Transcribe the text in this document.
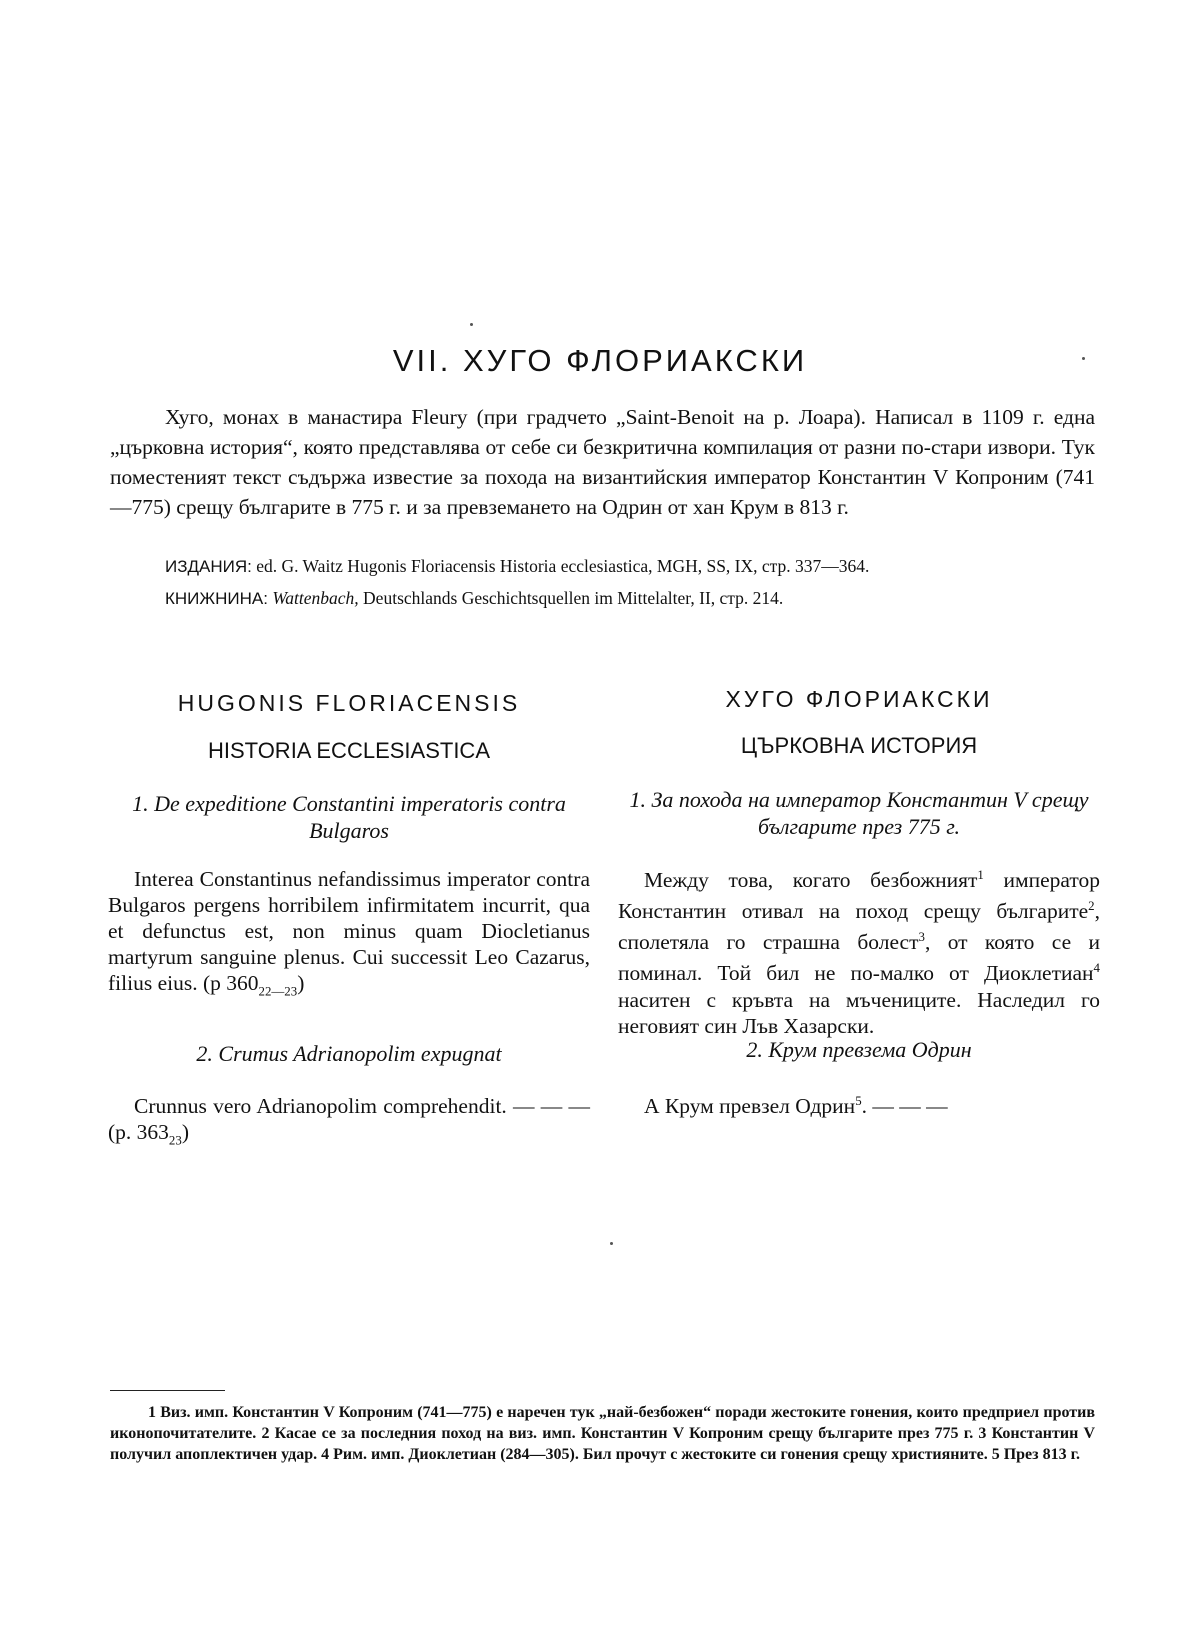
VII. ХУГО ФЛОРИАКСКИ

Хуго, монах в манастира Fleury (при градчето „Saint-Benoit на р. Лоара). Написал в 1109 г. една „църковна история“, която представлява от себе си безкритична компилация от разни по-стари извори. Тук поместеният текст съдържа известие за похода на византийския император Константин V Копроним (741—775) срещу българите в 775 г. и за превземането на Одрин от хан Крум в 813 г.

ИЗДАНИЯ: ed. G. Waitz Hugonis Floriacensis Historia ecclesiastica, MGH, SS, IX, стр. 337—364.
КНИЖНИНА: Wattenbach, Deutschlands Geschichtsquellen im Mittelalter, II, стр. 214.
HUGONIS FLORIACENSIS
HISTORIA ECCLESIASTICA
1. De expeditione Constantini imperatoris contra Bulgaros

Interea Constantinus nefandissimus imperator contra Bulgaros pergens horribilem infirmitatem incurrit, qua et defunctus est, non minus quam Diocletianus martyrum sanguine plenus. Cui successit Leo Cazarus, filius eius. (p $360_{22—23}$)

2. Crumus Adrianopolim expugnat

Crunnus vero Adrianopolim comprehendit. — — — (p. $363_{23}$)

ХУГО ФЛОРИАКСКИ
ЦЪРКОВНА ИСТОРИЯ
1. За похода на император Константин V срещу българите през 775 г.

Между това, когато безбожният$^1$ император Константин отивал на поход срещу българите$^2$, сполетяла го страшна болест$^3$, от която се и поминал. Той бил не по-малко от Диоклетиан$^4$ наситен с кръвта на мъчениците. Наследил го неговият син Лъв Хазарски.

2. Крум превзема Одрин

А Крум превзел Одрин$^5$. — — —

1 Виз. имп. Константин V Копроним (741—775) е наречен тук „най-безбожен“ поради жестоките гонения, които предприел против иконопочитателите. 2 Касае се за последния поход на виз. имп. Константин V Копроним срещу българите през 775 г. 3 Константин V получил апоплектичен удар. 4 Рим. имп. Диоклетиан (284—305). Бил прочут с жестоките си гонения срещу християните. 5 През 813 г.
